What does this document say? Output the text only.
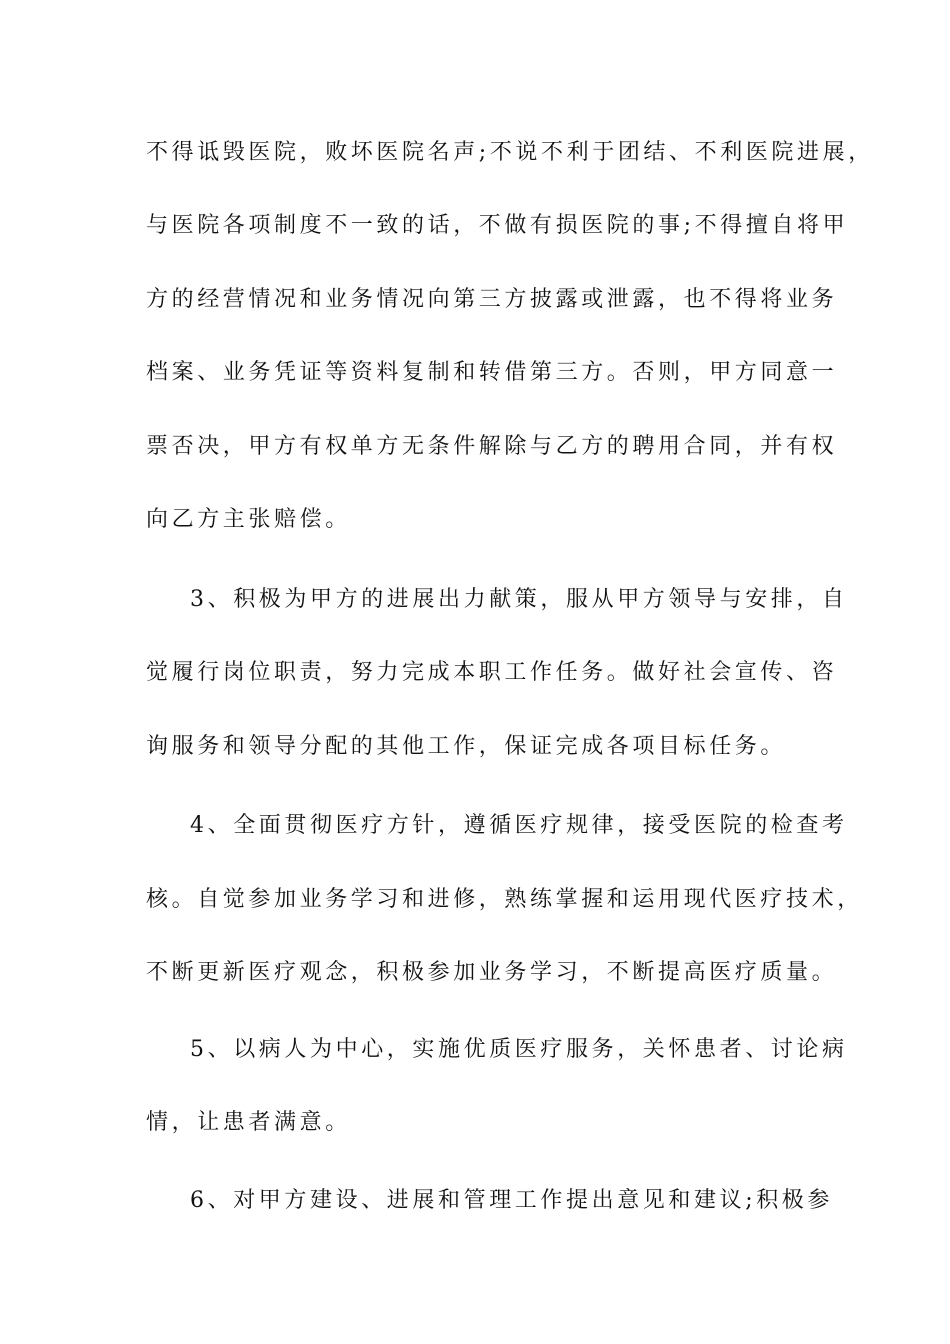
不得诋毁医院，败坏医院名声;不说不利于团结、不利医院进展，
与医院各项制度不一致的话，不做有损医院的事;不得擅自将甲
方的经营情况和业务情况向第三方披露或泄露，也不得将业务
档案、业务凭证等资料复制和转借第三方。否则，甲方同意一
票否决，甲方有权单方无条件解除与乙方的聘用合同，并有权
向乙方主张赔偿。
3、积极为甲方的进展出力献策，服从甲方领导与安排，自
觉履行岗位职责，努力完成本职工作任务。做好社会宣传、咨
询服务和领导分配的其他工作，保证完成各项目标任务。
4、全面贯彻医疗方针，遵循医疗规律，接受医院的检查考
核。自觉参加业务学习和进修，熟练掌握和运用现代医疗技术，
不断更新医疗观念，积极参加业务学习，不断提高医疗质量。
5、以病人为中心，实施优质医疗服务，关怀患者、讨论病
情，让患者满意。
6、对甲方建设、进展和管理工作提出意见和建议;积极参
